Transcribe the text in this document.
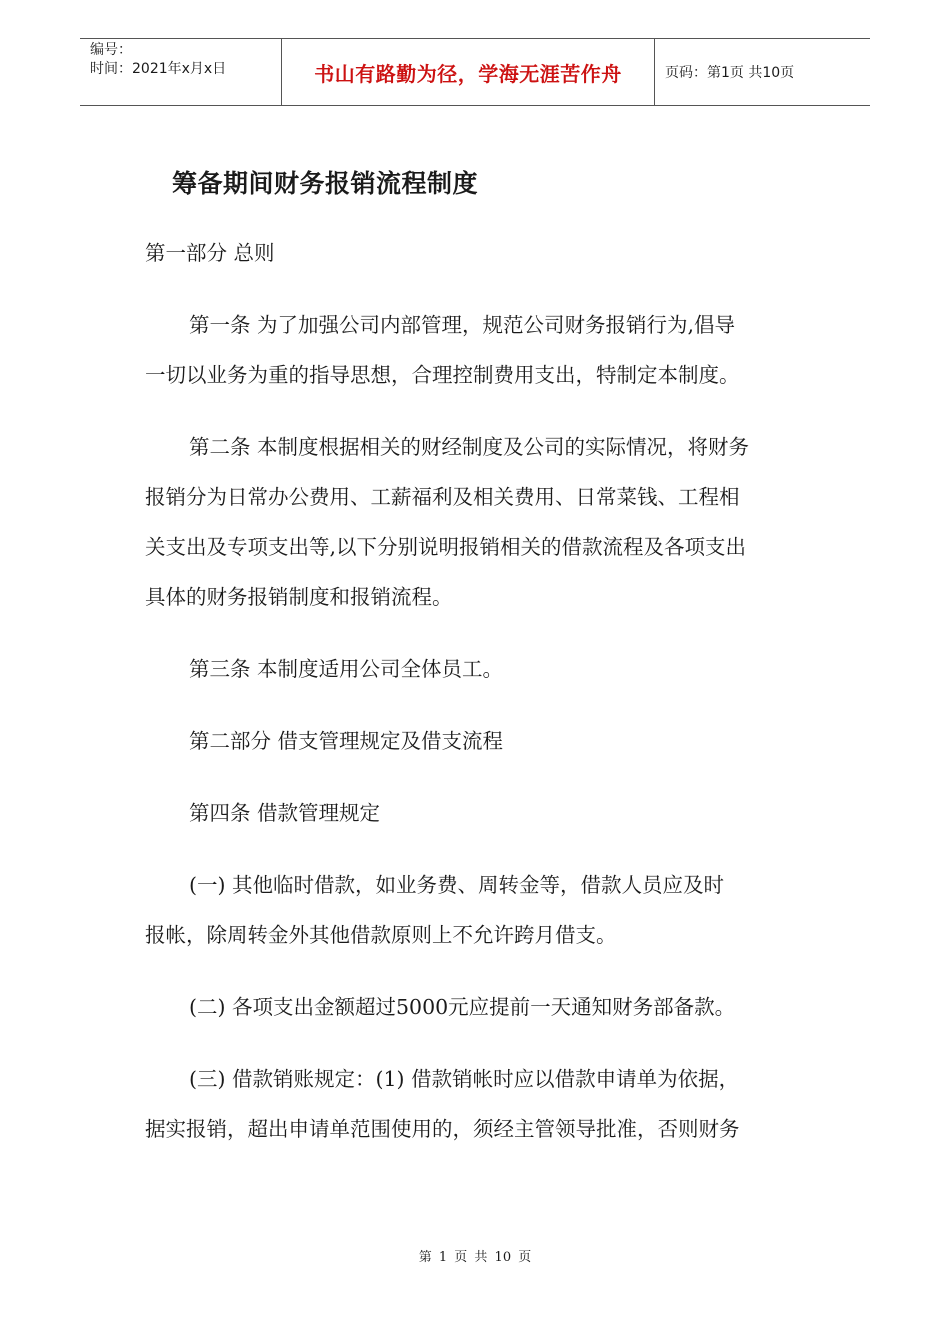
编号：
时间：2021年x月x日	书山有路勤为径，学海无涯苦作舟	页码：第1页 共10页
筹备期间财务报销流程制度
第一部分 总则
第一条 为了加强公司内部管理，规范公司财务报销行为,倡导
一切以业务为重的指导思想，合理控制费用支出，特制定本制度。
第二条 本制度根据相关的财经制度及公司的实际情况，将财务
报销分为日常办公费用、工薪福利及相关费用、日常菜钱、工程相
关支出及专项支出等,以下分别说明报销相关的借款流程及各项支出
具体的财务报销制度和报销流程。
第三条 本制度适用公司全体员工。
第二部分 借支管理规定及借支流程
第四条 借款管理规定
(一) 其他临时借款，如业务费、周转金等，借款人员应及时
报帐，除周转金外其他借款原则上不允许跨月借支。
(二) 各项支出金额超过5000元应提前一天通知财务部备款。
(三) 借款销账规定：(1) 借款销帐时应以借款申请单为依据，
据实报销，超出申请单范围使用的，须经主管领导批准，否则财务
第 1 页 共 10 页
